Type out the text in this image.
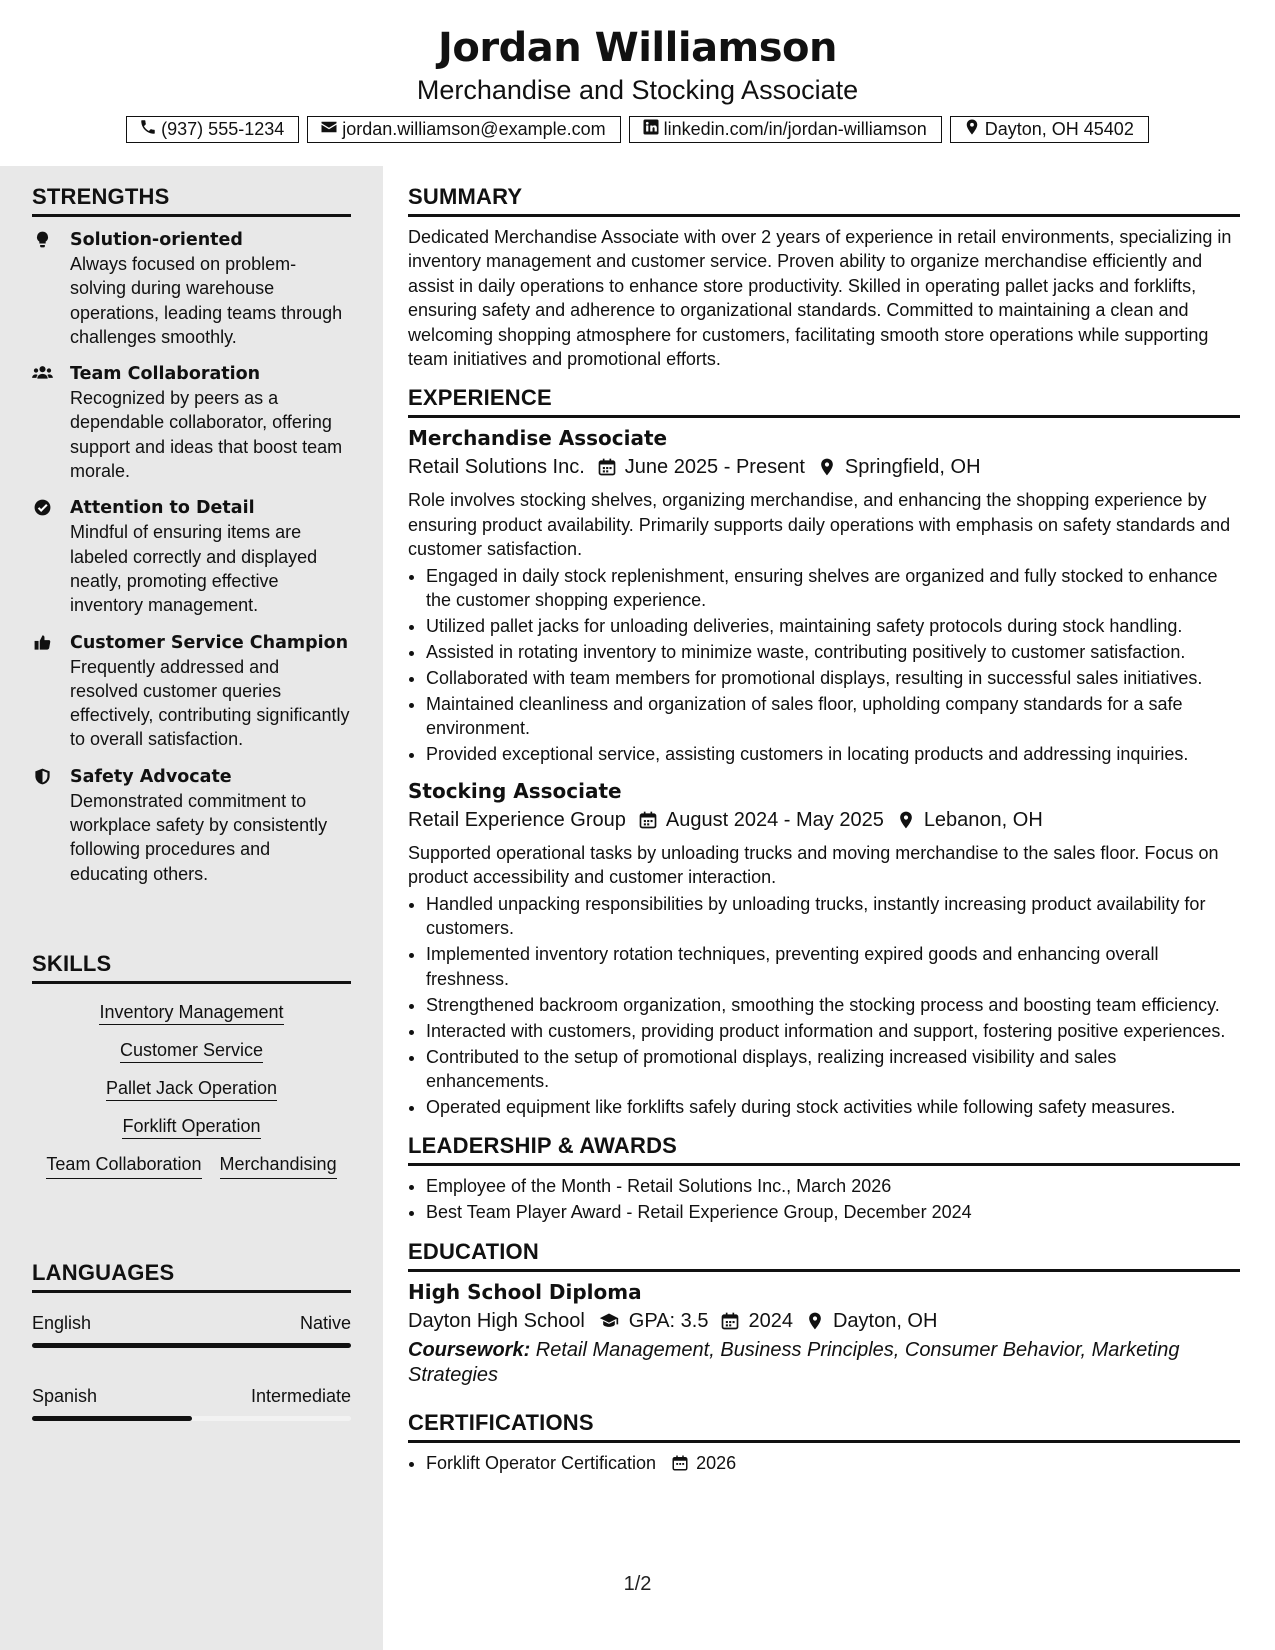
Jordan Williamson
Merchandise and Stocking Associate
(937) 555-1234	jordan.williamson@example.com	linkedin.com/in/jordan-williamson	Dayton, OH 45402
STRENGTHS
Solution-oriented
Always focused on problem-solving during warehouse operations, leading teams through challenges smoothly.
Team Collaboration
Recognized by peers as a dependable collaborator, offering support and ideas that boost team morale.
Attention to Detail
Mindful of ensuring items are labeled correctly and displayed neatly, promoting effective inventory management.
Customer Service Champion
Frequently addressed and resolved customer queries effectively, contributing significantly to overall satisfaction.
Safety Advocate
Demonstrated commitment to workplace safety by consistently following procedures and educating others.
SKILLS
Inventory Management
Customer Service
Pallet Jack Operation
Forklift Operation
Team Collaboration Merchandising
LANGUAGES
English	Native
Spanish	Intermediate
SUMMARY
Dedicated Merchandise Associate with over 2 years of experience in retail environments, specializing in inventory management and customer service. Proven ability to organize merchandise efficiently and assist in daily operations to enhance store productivity. Skilled in operating pallet jacks and forklifts, ensuring safety and adherence to organizational standards. Committed to maintaining a clean and welcoming shopping atmosphere for customers, facilitating smooth store operations while supporting team initiatives and promotional efforts.
EXPERIENCE
Merchandise Associate
Retail Solutions Inc. June 2025 - Present Springfield, OH
Role involves stocking shelves, organizing merchandise, and enhancing the shopping experience by ensuring product availability. Primarily supports daily operations with emphasis on safety standards and customer satisfaction.
• Engaged in daily stock replenishment, ensuring shelves are organized and fully stocked to enhance the customer shopping experience.
• Utilized pallet jacks for unloading deliveries, maintaining safety protocols during stock handling.
• Assisted in rotating inventory to minimize waste, contributing positively to customer satisfaction.
• Collaborated with team members for promotional displays, resulting in successful sales initiatives.
• Maintained cleanliness and organization of sales floor, upholding company standards for a safe environment.
• Provided exceptional service, assisting customers in locating products and addressing inquiries.
Stocking Associate
Retail Experience Group August 2024 - May 2025 Lebanon, OH
Supported operational tasks by unloading trucks and moving merchandise to the sales floor. Focus on product accessibility and customer interaction.
• Handled unpacking responsibilities by unloading trucks, instantly increasing product availability for customers.
• Implemented inventory rotation techniques, preventing expired goods and enhancing overall freshness.
• Strengthened backroom organization, smoothing the stocking process and boosting team efficiency.
• Interacted with customers, providing product information and support, fostering positive experiences.
• Contributed to the setup of promotional displays, realizing increased visibility and sales enhancements.
• Operated equipment like forklifts safely during stock activities while following safety measures.
LEADERSHIP & AWARDS
• Employee of the Month - Retail Solutions Inc., March 2026
• Best Team Player Award - Retail Experience Group, December 2024
EDUCATION
High School Diploma
Dayton High School GPA: 3.5 2024 Dayton, OH
Coursework: Retail Management, Business Principles, Consumer Behavior, Marketing Strategies
CERTIFICATIONS
• Forklift Operator Certification 2026
1/2
